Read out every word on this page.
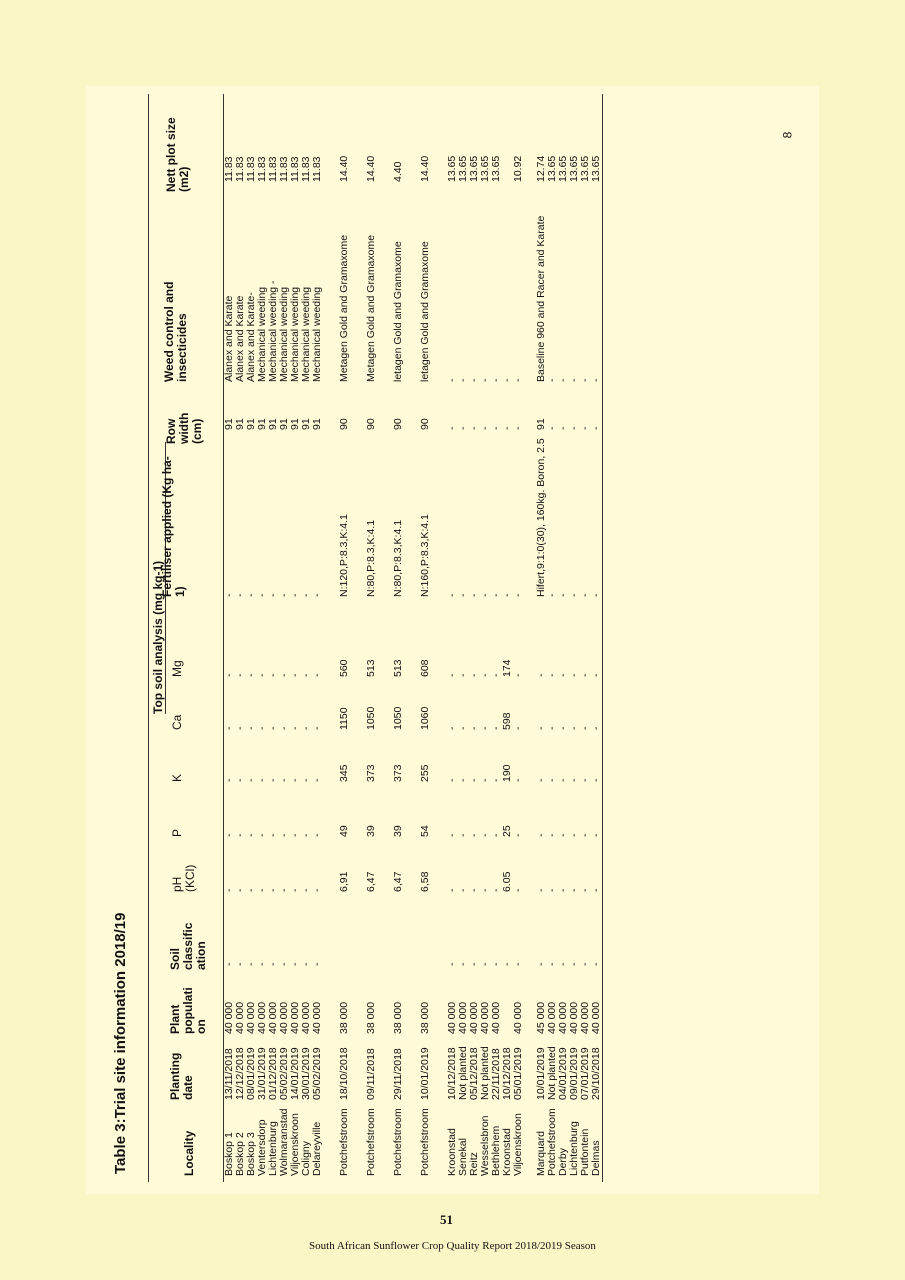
Table 3:Trial site information 2018/19	Locality
Planting date
Plant populati on
Soil classific ation
Top soil analysis (mg kg-1)
pH (KCl)
P
K
Ca
Mg
Fertiliser applied (Kg ha-1)
Row width (cm)
Weed control and insecticides
Nett plot size (m2)
Boskop 1
13/11/2018
40 000
-
-
-
-
-
-
-
91
Alanex and Karate
11.83
Boskop 2
12/12/2018
40 000
-
-
-
-
-
-
-
91
Alanex and Karate
11.83
Boskop 3
08/01/2019
40 000
-
-
-
-
-
-
-
91
Alanex and Karate-
11.83
Ventersdorp
31/01/2019
40 000
-
-
-
-
-
-
-
91
Mechanical weeding
11.83
Lichtenburg
01/12/2018
40 000
-
-
-
-
-
-
-
91
Mechanical weeding -
11.83
Wolmaranstad
05/02/2019
40 000
-
-
-
-
-
-
-
91
Mechanical weeding
11.83
Viljoenskroon
14/01/2019
40 000
-
-
-
-
-
-
-
91
Mechanical weeding
11.83
Coligny
30/01/2019
40 000
-
-
-
-
-
-
-
91
Mechanical weeding
11.83
Delareyville
05/02/2019
40 000
-
-
-
-
-
-
-
91
Mechanical weeding
11.83
Potchefstroom
18/10/2018
38 000
6,91
49
345
1150
560
N:120,P:8.3,K:4.1
90
Metagen Gold and Gramaxome
14.40
Potchefstroom
09/11/2018
38 000
6,47
39
373
1050
513
N:80,P:8.3,K:4.1
90
Metagen Gold and Gramaxome
14.40
Potchefstroom
29/11/2018
38 000
6,47
39
373
1050
513
N:80,P:8.3,K:4.1
90
letagen Gold and Gramaxome
4.40
Potchefstroom
10/01/2019
38 000
6,58
54
255
1060
608
N:160,P:8.3,K:4.1
90
letagen Gold and Gramaxome
14.40
Kroonstad
10/12/2018
40 000
-
-
-
-
-
-
-
-
-
13.65
Senekal
Not planted
40 000
-
-
-
-
-
-
-
-
-
13.65
Reitz
05/12/2018
40 000
-
-
-
-
-
-
-
-
-
13.65
Wesselsbron
Not planted
40 000
-
-
-
-
-
-
-
-
-
13.65
Bethlehem
22/11/2018
40 000
-
-
-
-
-
-
-
-
-
13.65
Kroonstad
10/12/2018
-
6.05
25
190
598
174
-
-
-
Viljoenskroon
05/01/2019
40 000
-
-
-
-
-
-
-
-
-
10.92
Marquard
10/01/2019
45 000
-
-
-
-
-
-
Hifert,9:1:0(30), 160kg. Boron, 2.5
91
Baseline 960 and Racer and Karate
12.74
Potchefstroom
Not planted
40 000
-
-
-
-
-
-
-
-
-
13.65
Derby
04/01/2019
40 000
-
-
-
-
-
-
-
-
-
13.65
Lichtenburg
09/01/2019
40 000
-
-
-
-
-
-
-
-
-
13.65
Putfontein
07/01/2019
40 000
-
-
-
-
-
-
-
-
-
13.65
Delmas
29/10/2018
40 000
-
-
-
-
-
-
-
-
-
13.65
8
51
South African Sunflower Crop Quality Report 2018/2019 Season
